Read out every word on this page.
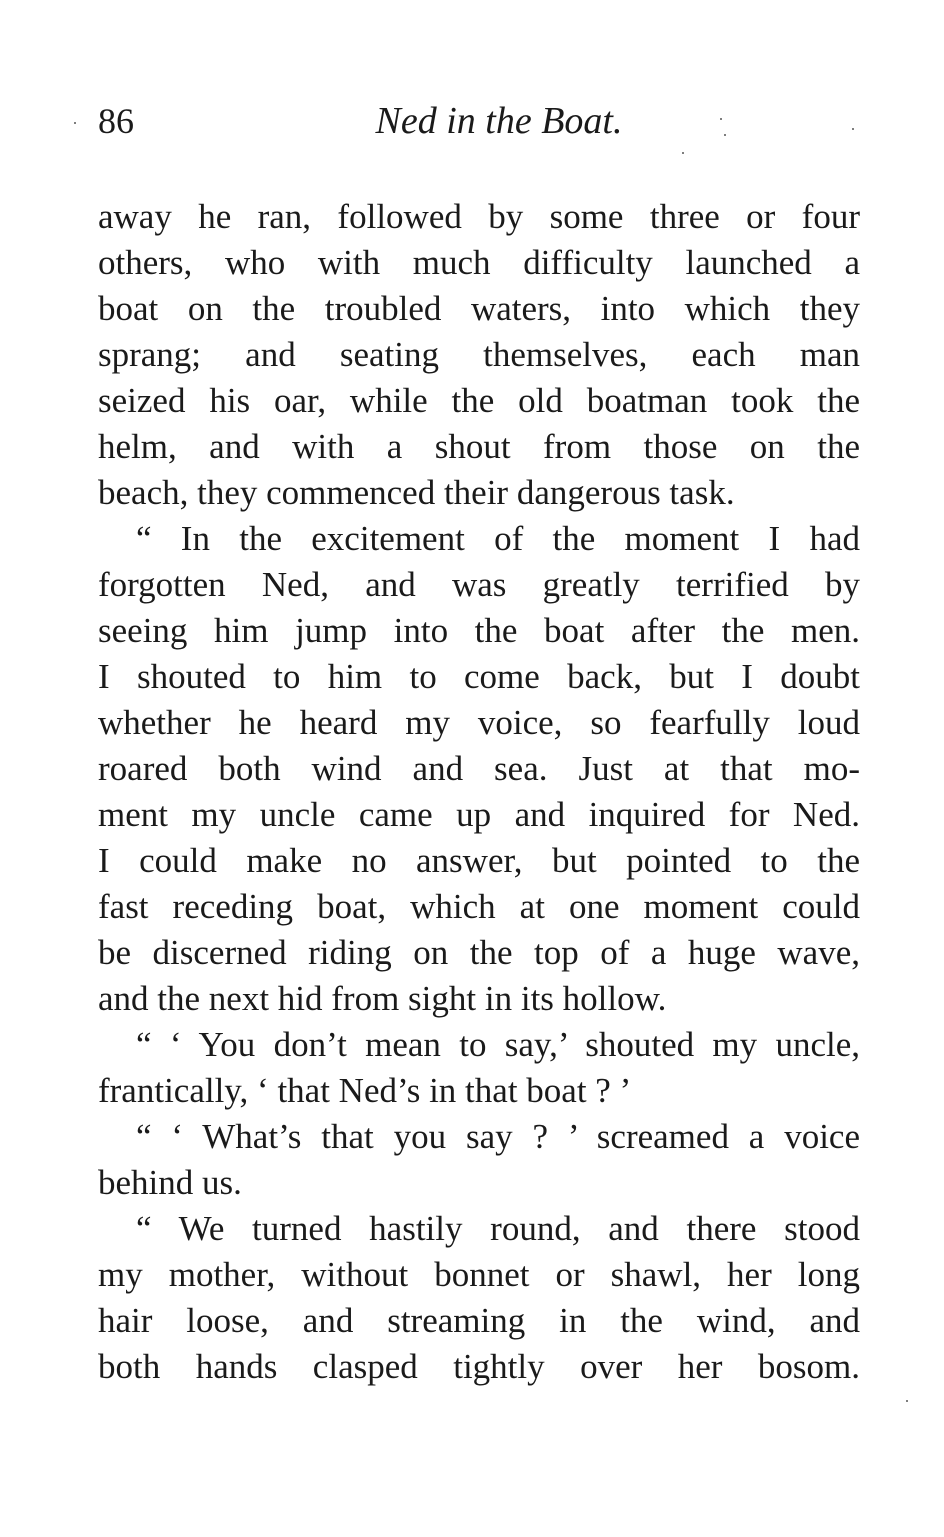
86	Ned in the Boat.
away he ran, followed by some three or four
others, who with much difficulty launched a
boat on the troubled waters, into which they
sprang; and seating themselves, each man
seized his oar, while the old boatman took the
helm, and with a shout from those on the
beach, they commenced their dangerous task.
“ In the excitement of the moment I had
forgotten Ned, and was greatly terrified by
seeing him jump into the boat after the men.
I shouted to him to come back, but I doubt
whether he heard my voice, so fearfully loud
roared both wind and sea. Just at that mo-
ment my uncle came up and inquired for Ned.
I could make no answer, but pointed to the
fast receding boat, which at one moment could
be discerned riding on the top of a huge wave,
and the next hid from sight in its hollow.
“ ‘ You don’t mean to say,’ shouted my uncle,
frantically, ‘ that Ned’s in that boat ? ’
“ ‘ What’s that you say ? ’ screamed a voice
behind us.
“ We turned hastily round, and there stood
my mother, without bonnet or shawl, her long
hair loose, and streaming in the wind, and
both hands clasped tightly over her bosom.
